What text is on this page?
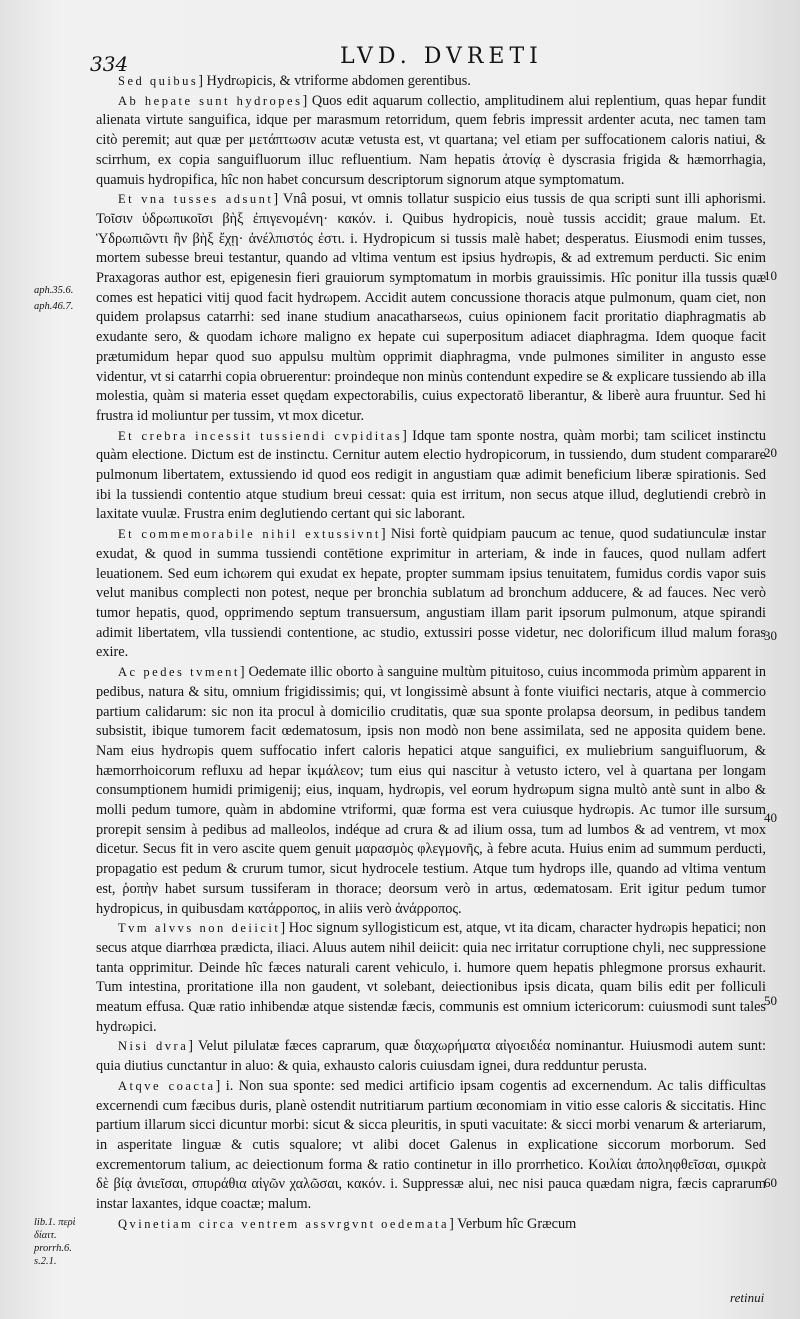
334	LVD. DVRETI
aph.35.6.
aph.46.7.
lib.1. περὶ δίαιτ. prorrh.6. s.2.1.
10
20
30
40
50
60

Sed quibus] Hydrωpicis, & vtriforme abdomen gerentibus.

Ab hepate sunt hydropes] Quos edit aquarum collectio, amplitudinem alui replentium, quas hepar fundit alienata virtute sanguifica, idque per marasmum retorridum, quem febris impressit ardenter acuta, nec tamen tam citò peremit; aut quæ per μετάπτωσιν acutæ vetusta est, vt quartana; vel etiam per suffocationem caloris natiui, & scirrhum, ex copia sanguifluorum illuc refluentium. Nam hepatis ἀτονίᾳ è dyscrasia frigida & hæmorrhagia, quamuis hydropifica, hîc non habet concursum descriptorum signorum atque symptomatum.

Et vna tusses adsunt] Vnâ posui, vt omnis tollatur suspicio eius tussis de qua scripti sunt illi aphorismi. Τοῖσιν ὑδρωπικοῖσι βὴξ ἐπιγενομένη· κακόν. i. Quibus hydropicis, nouè tussis accidit; graue malum. Et. Ὑδρωπιῶντι ἢν βὴξ ἔχῃ· ἀνέλπιστός ἐστι. i. Hydropicum si tussis malè habet; desperatus. Eiusmodi enim tusses, mortem subesse breui testantur, quando ad vltima ventum est ipsius hydrωpis, & ad extremum perducti. Sic enim Praxagoras author est, epigenesin fieri grauiorum symptomatum in morbis grauissimis. Hîc ponitur illa tussis quæ comes est hepatici vitij quod facit hydrωpem. Accidit autem concussione thoracis atque pulmonum, quam ciet, non quidem prolapsus catarrhi: sed inane studium anacatharseωs, cuius opinionem facit proritatio diaphragmatis ab exudante sero, & quodam ichωre maligno ex hepate cui superpositum adiacet diaphragma. Idem quoque facit prætumidum hepar quod suo appulsu multùm opprimit diaphragma, vnde pulmones similiter in angusto esse videntur, vt si catarrhi copia obruerentur: proindeque non minùs contendunt expedire se & explicare tussiendo ab illa molestia, quàm si materia esset quędam expectorabilis, cuius expectoratō liberantur, & liberè aura fruuntur. Sed hi frustra id moliuntur per tussim, vt mox dicetur.

Et crebra incessit tussiendi cvpiditas] Idque tam sponte nostra, quàm morbi; tam scilicet instinctu quàm electione. Dictum est de instinctu. Cernitur autem electio hydropicorum, in tussiendo, dum student comparare pulmonum libertatem, extussiendo id quod eos redigit in angustiam quæ adimit beneficium liberæ spirationis. Sed ibi la tussiendi contentio atque studium breui cessat: quia est irritum, non secus atque illud, deglutiendi crebrò in laxitate vuulæ. Frustra enim deglutiendo certant qui sic laborant.

Et commemorabile nihil extussivnt] Nisi fortè quidpiam paucum ac tenue, quod sudatiunculæ instar exudat, & quod in summa tussiendi contētione exprimitur in arteriam, & inde in fauces, quod nullam adfert leuationem. Sed eum ichωrem qui exudat ex hepate, propter summam ipsius tenuitatem, fumidus cordis vapor suis velut manibus complecti non potest, neque per bronchia sublatum ad bronchum adducere, & ad fauces. Nec verò tumor hepatis, quod, opprimendo septum transuersum, angustiam illam parit ipsorum pulmonum, atque spirandi adimit libertatem, vlla tussiendi contentione, ac studio, extussiri posse videtur, nec dolorificum illud malum foras exire.

Ac pedes tvment] Oedemate illic oborto à sanguine multùm pituitoso, cuius incommoda primùm apparent in pedibus, natura & situ, omnium frigidissimis; qui, vt longissimè absunt à fonte viuifici nectaris, atque à commercio partium calidarum: sic non ita procul à domicilio cruditatis, quæ sua sponte prolapsa deorsum, in pedibus tandem subsistit, ibique tumorem facit œdematosum, ipsis non modò non bene assimilata, sed ne apposita quidem bene. Nam eius hydrωpis quem suffocatio infert caloris hepatici atque sanguifici, ex muliebrium sanguifluorum, & hæmorrhoicorum refluxu ad hepar ἰκμάλεον; tum eius qui nascitur à vetusto ictero, vel à quartana per longam consumptionem humidi primigenij; eius, inquam, hydrωpis, vel eorum hydrωpum signa multò antè sunt in albo & molli pedum tumore, quàm in abdomine vtriformi, quæ forma est vera cuiusque hydrωpis. Ac tumor ille sursum prorepit sensim à pedibus ad malleolos, indéque ad crura & ad ilium ossa, tum ad lumbos & ad ventrem, vt mox dicetur. Secus fit in vero ascite quem genuit μαρασμὸς φλεγμονῆς, à febre acuta. Huius enim ad summum perducti, propagatio est pedum & crurum tumor, sicut hydrocele testium. Atque tum hydrops ille, quando ad vltima ventum est, ῥοπὴν habet sursum tussiferam in thorace; deorsum verò in artus, œdematosam. Erit igitur pedum tumor hydropicus, in quibusdam κατάρροπος, in aliis verò ἀνάρροπος.

Tvm alvvs non deiicit] Hoc signum syllogisticum est, atque, vt ita dicam, character hydrωpis hepatici; non secus atque diarrhœa prædicta, iliaci. Aluus autem nihil deiicit: quia nec irritatur corruptione chyli, nec suppressione tanta opprimitur. Deinde hîc fæces naturali carent vehiculo, i. humore quem hepatis phlegmone prorsus exhaurit. Tum intestina, proritatione illa non gaudent, vt solebant, deiectionibus ipsis dicata, quam bilis edit per folliculi meatum effusa. Quæ ratio inhibendæ atque sistendæ fæcis, communis est omnium ictericorum: cuiusmodi sunt tales hydrωpici.

Nisi dvra] Velut pilulatæ fæces caprarum, quæ διαχωρήματα αἰγοειδέα nominantur. Huiusmodi autem sunt: quia diutius cunctantur in aluo: & quia, exhausto caloris cuiusdam ignei, dura redduntur perusta.

Atqve coacta] i. Non sua sponte: sed medici artificio ipsam cogentis ad excernendum. Ac talis difficultas excernendi cum fæcibus duris, planè ostendit nutritiarum partium œconomiam in vitio esse caloris & siccitatis. Hinc partium illarum sicci dicuntur morbi: sicut & sicca pleuritis, in sputi vacuitate: & sicci morbi venarum & arteriarum, in asperitate linguæ & cutis squalore; vt alibi docet Galenus in explicatione siccorum morborum. Sed excrementorum talium, ac deiectionum forma & ratio continetur in illo prorrhetico. Κοιλίαι ἀποληφθεῖσαι, σμικρὰ δὲ βίᾳ ἀνιεῖσαι, σπυράθια αἰγῶν χαλῶσαι, κακόν. i. Suppressæ alui, nec nisi pauca quædam nigra, fæcis caprarum instar laxantes, idque coactæ; malum.

Qvinetiam circa ventrem assvrgvnt oedemata] Verbum hîc Græcum

retinui
